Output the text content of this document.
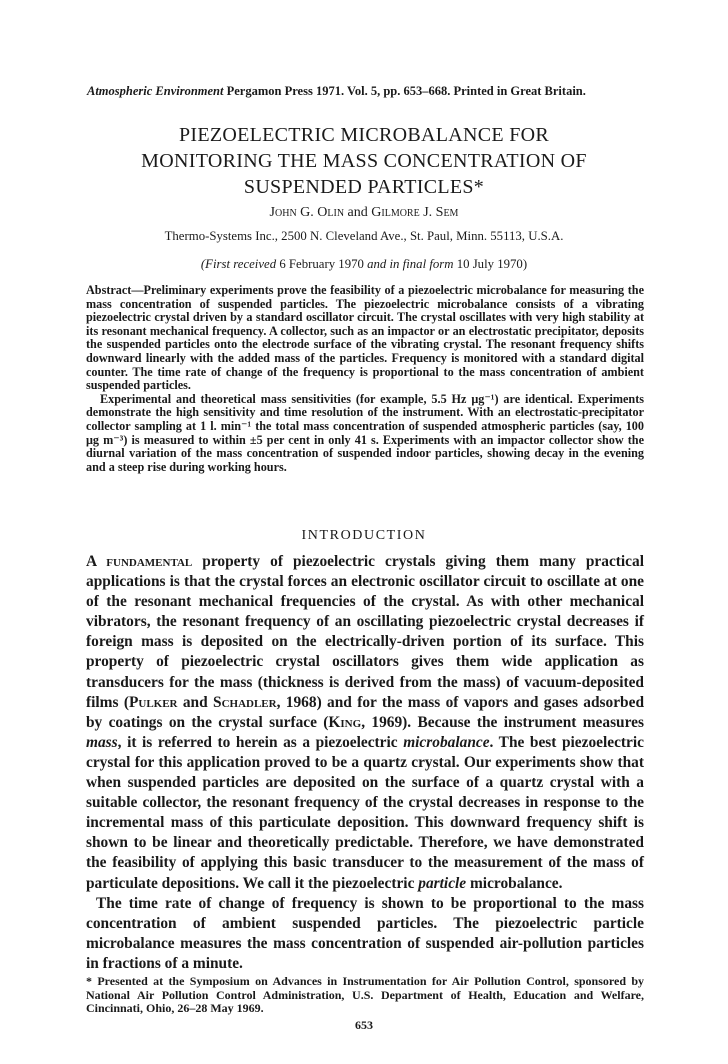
Atmospheric Environment Pergamon Press 1971. Vol. 5, pp. 653–668. Printed in Great Britain.
PIEZOELECTRIC MICROBALANCE FOR
MONITORING THE MASS CONCENTRATION OF
SUSPENDED PARTICLES*
John G. Olin and Gilmore J. Sem
Thermo-Systems Inc., 2500 N. Cleveland Ave., St. Paul, Minn. 55113, U.S.A.
(First received 6 February 1970 and in final form 10 July 1970)

Abstract—Preliminary experiments prove the feasibility of a piezoelectric microbalance for measuring the mass concentration of suspended particles. The piezoelectric microbalance consists of a vibrating piezoelectric crystal driven by a standard oscillator circuit. The crystal oscillates with very high stability at its resonant mechanical frequency. A collector, such as an impactor or an electrostatic precipitator, deposits the suspended particles onto the electrode surface of the vibrating crystal. The resonant frequency shifts downward linearly with the added mass of the particles. Frequency is monitored with a standard digital counter. The time rate of change of the frequency is proportional to the mass concentration of ambient suspended particles.

Experimental and theoretical mass sensitivities (for example, 5.5 Hz μg⁻¹) are identical. Experiments demonstrate the high sensitivity and time resolution of the instrument. With an electrostatic-precipitator collector sampling at 1 l. min⁻¹ the total mass concentration of suspended atmospheric particles (say, 100 μg m⁻³) is measured to within ±5 per cent in only 41 s. Experiments with an impactor collector show the diurnal variation of the mass concentration of suspended indoor particles, showing decay in the evening and a steep rise during working hours.

INTRODUCTION

A fundamental property of piezoelectric crystals giving them many practical applications is that the crystal forces an electronic oscillator circuit to oscillate at one of the resonant mechanical frequencies of the crystal. As with other mechanical vibrators, the resonant frequency of an oscillating piezoelectric crystal decreases if foreign mass is deposited on the electrically-driven portion of its surface. This property of piezoelectric crystal oscillators gives them wide application as transducers for the mass (thickness is derived from the mass) of vacuum-deposited films (Pulker and Schadler, 1968) and for the mass of vapors and gases adsorbed by coatings on the crystal surface (King, 1969). Because the instrument measures mass, it is referred to herein as a piezoelectric microbalance. The best piezoelectric crystal for this application proved to be a quartz crystal. Our experiments show that when suspended particles are deposited on the surface of a quartz crystal with a suitable collector, the resonant frequency of the crystal decreases in response to the incremental mass of this particulate deposition. This downward frequency shift is shown to be linear and theoretically predictable. Therefore, we have demonstrated the feasibility of applying this basic transducer to the measurement of the mass of particulate depositions. We call it the piezoelectric particle microbalance.

The time rate of change of frequency is shown to be proportional to the mass concentration of ambient suspended particles. The piezoelectric particle microbalance measures the mass concentration of suspended air-pollution particles in fractions of a minute.

* Presented at the Symposium on Advances in Instrumentation for Air Pollution Control, sponsored by National Air Pollution Control Administration, U.S. Department of Health, Education and Welfare, Cincinnati, Ohio, 26–28 May 1969.
653
